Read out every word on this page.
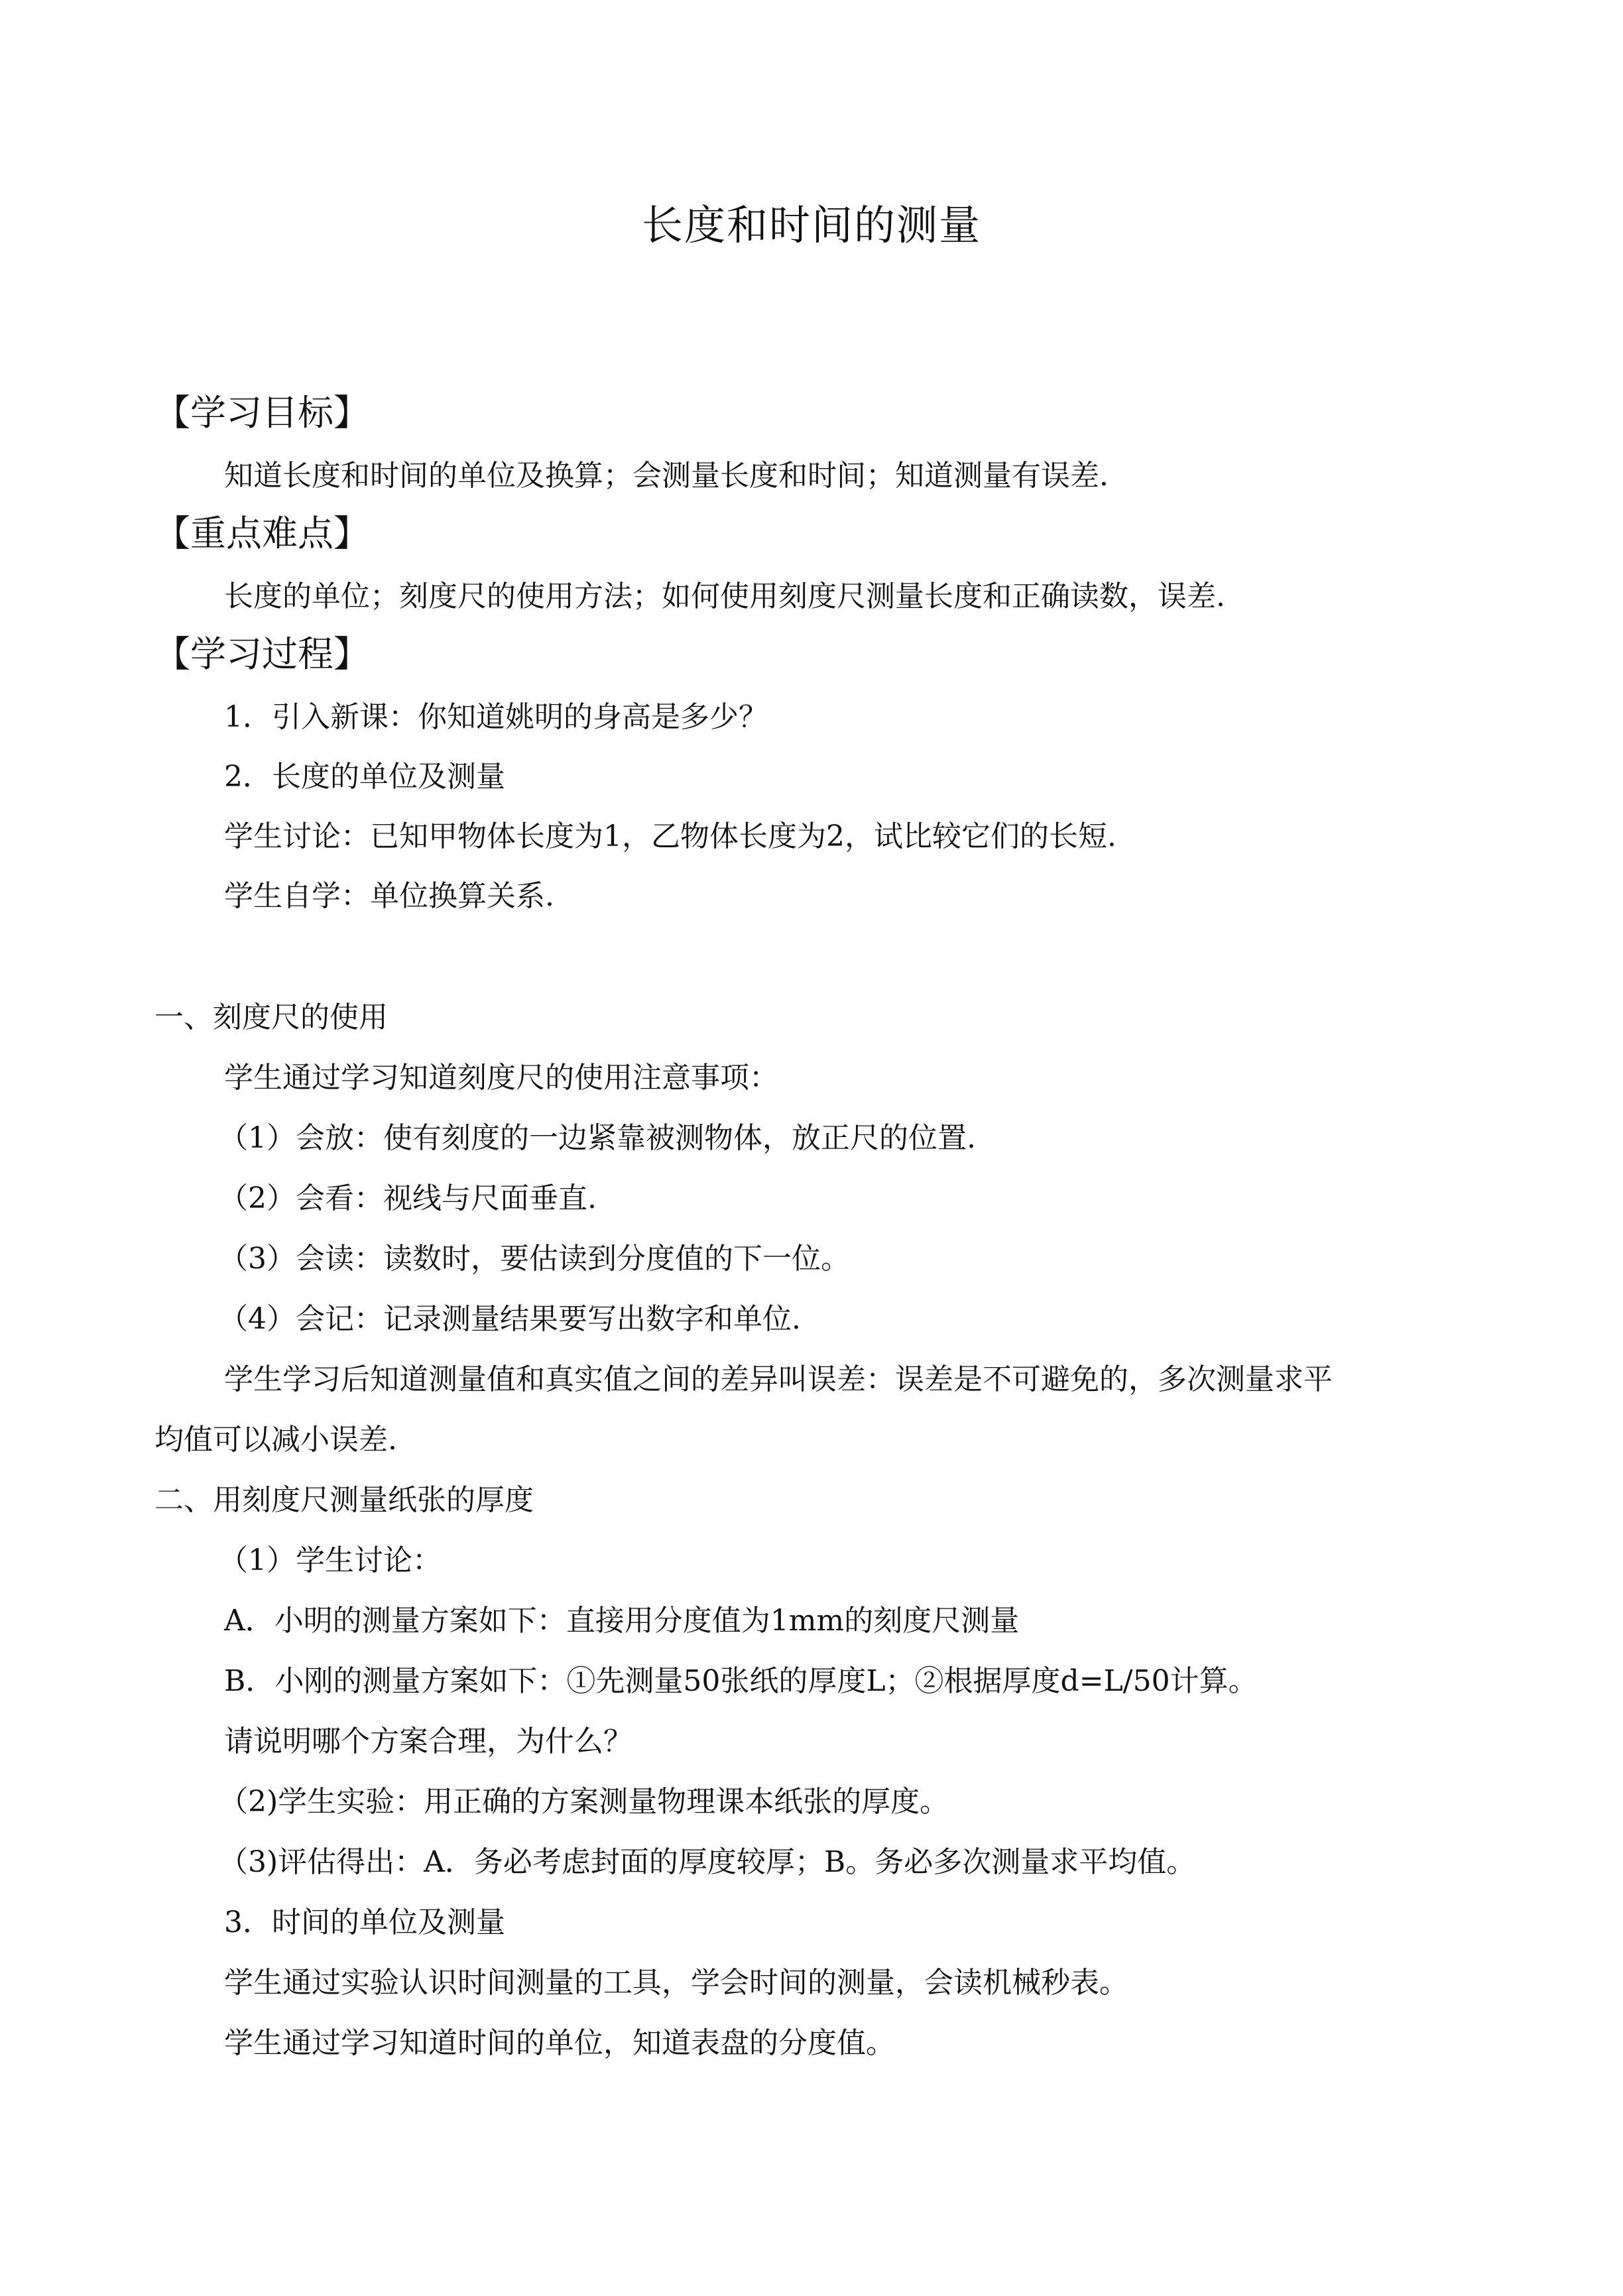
长度和时间的测量
【学习目标】
知道长度和时间的单位及换算；会测量长度和时间；知道测量有误差.
【重点难点】
长度的单位；刻度尺的使用方法；如何使用刻度尺测量长度和正确读数，误差.
【学习过程】
1．引入新课：你知道姚明的身高是多少？
2．长度的单位及测量
学生讨论：已知甲物体长度为1，乙物体长度为2，试比较它们的长短.
学生自学：单位换算关系.
一、刻度尺的使用
学生通过学习知道刻度尺的使用注意事项：
（1）会放：使有刻度的一边紧靠被测物体，放正尺的位置.
（2）会看：视线与尺面垂直.
（3）会读：读数时，要估读到分度值的下一位。
（4）会记：记录测量结果要写出数字和单位.
学生学习后知道测量值和真实值之间的差异叫误差：误差是不可避免的，多次测量求平
均值可以减小误差.
二、用刻度尺测量纸张的厚度
（1）学生讨论：
A．小明的测量方案如下：直接用分度值为1mm的刻度尺测量
B．小刚的测量方案如下：①先测量50张纸的厚度L；②根据厚度d=L/50计算。
请说明哪个方案合理，为什么？
（2)学生实验：用正确的方案测量物理课本纸张的厚度。
（3)评估得出：A．务必考虑封面的厚度较厚；B。务必多次测量求平均值。
3．时间的单位及测量
学生通过实验认识时间测量的工具，学会时间的测量，会读机械秒表。
学生通过学习知道时间的单位，知道表盘的分度值。
